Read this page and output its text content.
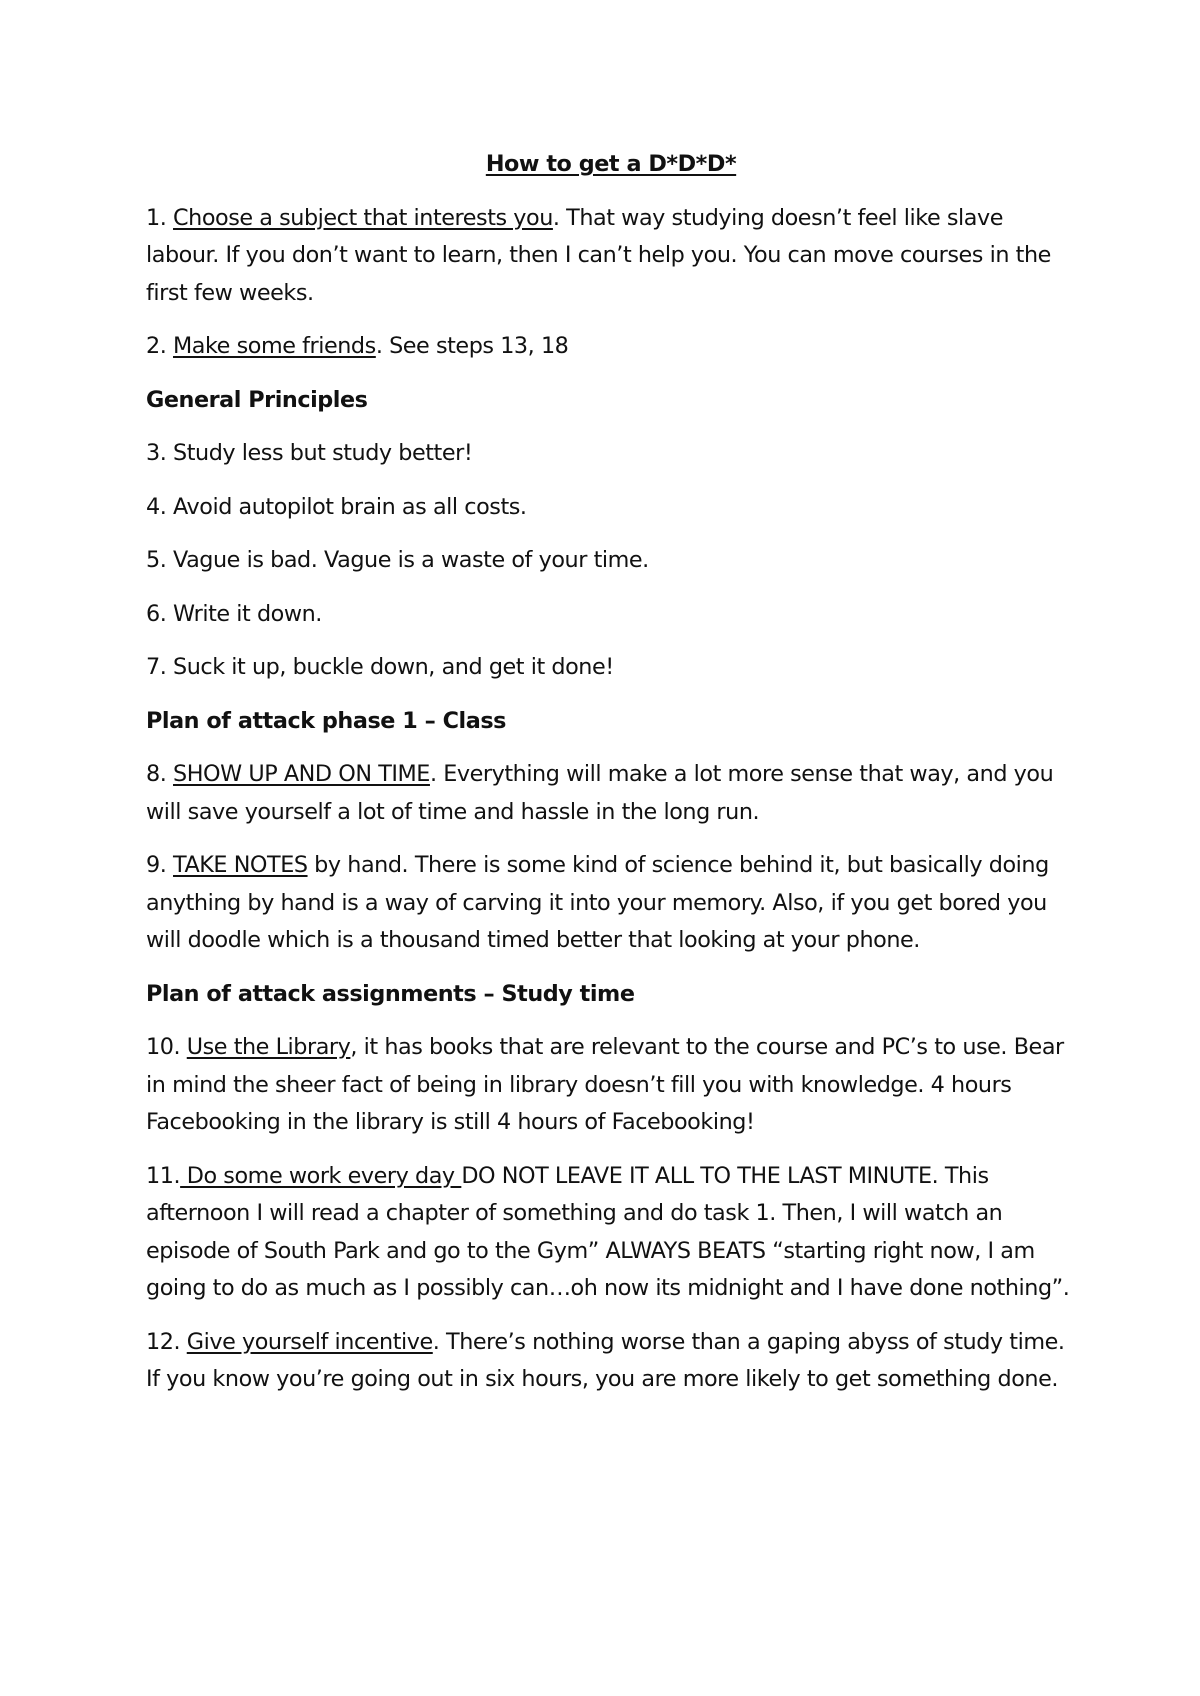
How to get a D*D*D*

1. Choose a subject that interests you. That way studying doesn’t feel like slave labour. If you don’t want to learn, then I can’t help you. You can move courses in the first few weeks.

2. Make some friends. See steps 13, 18

General Principles

3. Study less but study better!

4. Avoid autopilot brain as all costs.

5. Vague is bad. Vague is a waste of your time.

6. Write it down.

7. Suck it up, buckle down, and get it done!

Plan of attack phase 1 – Class

8. SHOW UP AND ON TIME. Everything will make a lot more sense that way, and you will save yourself a lot of time and hassle in the long run.

9. TAKE NOTES by hand. There is some kind of science behind it, but basically doing anything by hand is a way of carving it into your memory. Also, if you get bored you will doodle which is a thousand timed better that looking at your phone.

Plan of attack assignments – Study time

10. Use the Library, it has books that are relevant to the course and PC’s to use. Bear in mind the sheer fact of being in library doesn’t fill you with knowledge. 4 hours Facebooking in the library is still 4 hours of Facebooking!

11. Do some work every day DO NOT LEAVE IT ALL TO THE LAST MINUTE. This afternoon I will read a chapter of something and do task 1. Then, I will watch an episode of South Park and go to the Gym” ALWAYS BEATS “starting right now, I am going to do as much as I possibly can…oh now its midnight and I have done nothing”.

12. Give yourself incentive. There’s nothing worse than a gaping abyss of study time. If you know you’re going out in six hours, you are more likely to get something done.
